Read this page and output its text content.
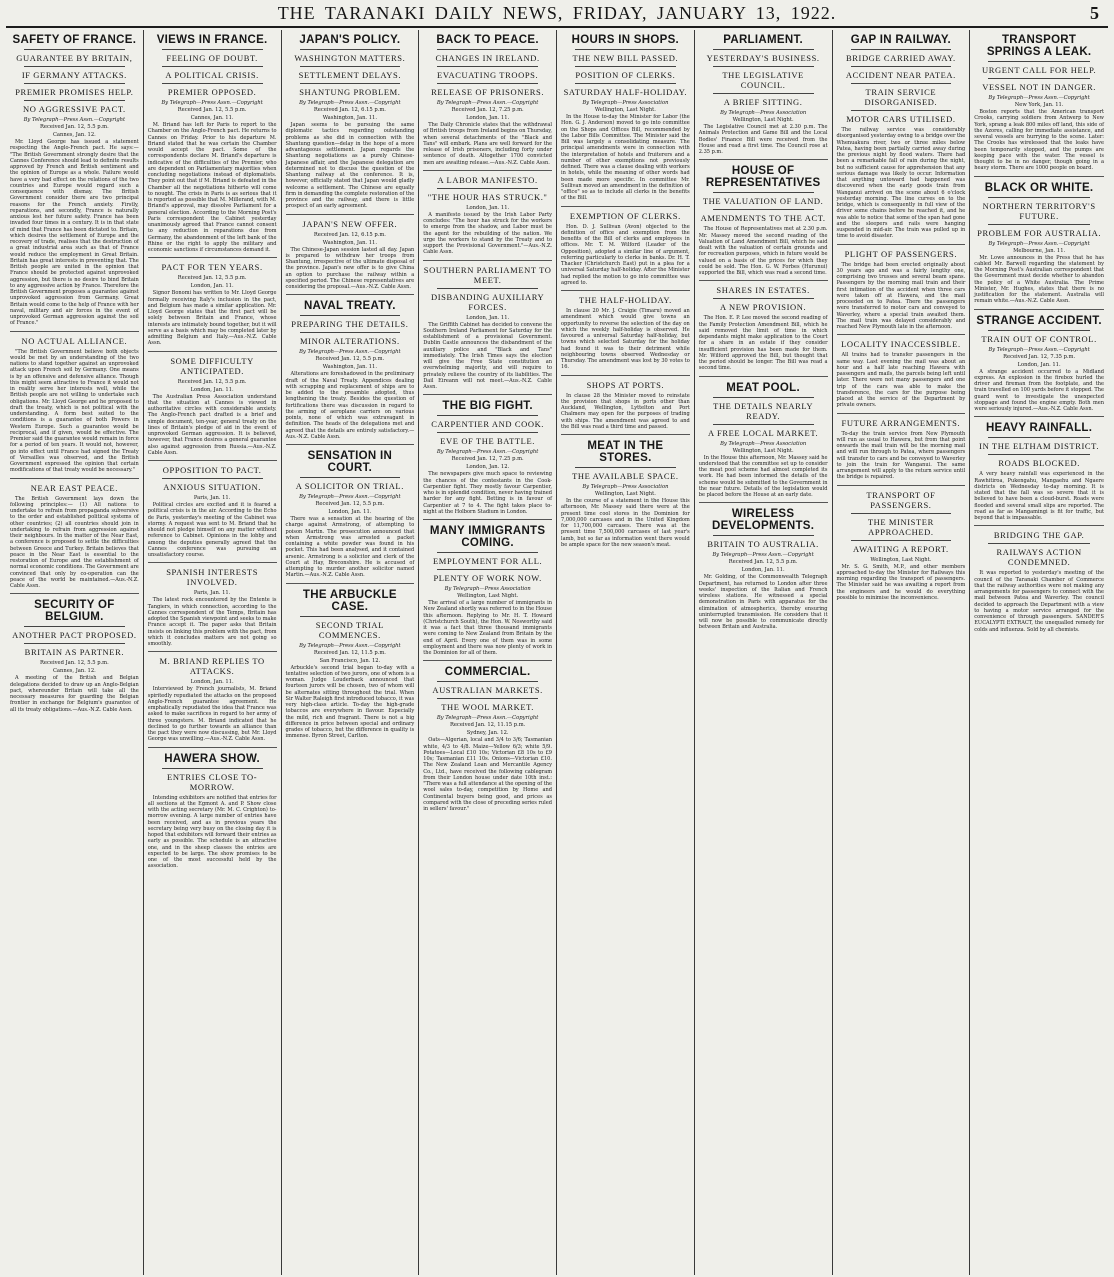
THE TARANAKI DAILY NEWS, FRIDAY, JANUARY 13, 1922.	5
SAFETY OF FRANCE.
GUARANTEE BY BRITAIN,
IF GERMANY ATTACKS.
PREMIER PROMISES HELP.
NO AGGRESSIVE PACT.
By Telegraph—Press Assn.—Copyright
Received Jan. 12, 5.5 p.m.
Cannes, Jan. 12.

Mr. Lloyd George has issued a statement respecting the Anglo-French pact. He says:— "The British Government strongly desire that the Cannes Conference should lead to definite results approved by French and British sentiment and the opinion of Europe as a whole. Failure would have a very bad effect on the relations of the two countries and Europe would regard such a consequence with dismay. The British Government consider there are two principal reasons for the French anxiety. Firstly, reparations, and secondly, France is naturally anxious lest her future safety. France has been invaded four times in a century. It is in that state of mind that France has been dictated to. Britain, which desires the settlement of Europe and the recovery of trade, realises that the destruction of a great industrial area such as that of France would reduce the employment in Great Britain. Britain has great interests in preventing that. The British people are united in the opinion that France should be protected against unprovoked aggression, but there is no desire to bind Britain to any aggressive action by France. Therefore the British Government proposes a guarantee against unprovoked aggression from Germany. Great Britain would come to the help of France with her naval, military and air forces in the event of unprovoked German aggression against the soil of France."

NO ACTUAL ALLIANCE.

"The British Government believe both objects would be met by an understanding of the two nations to stand together against an unprovoked attack upon French soil by Germany. One means is by an offensive and defensive alliance. Though this might seem attractive to France it would not in reality serve her interests well, while the British people are not willing to undertake such obligations. Mr. Lloyd George and he proposed to draft the treaty, which is not political with the understanding. A form best suited to the conditions is a guarantee of both Powers in Western Europe. Such a guarantee would be reciprocal, and if given, would be effective. The Premier said the guarantee would remain in force for a period of ten years. It would not, however, go into effect until France had signed the Treaty of Versailles was observed, and the British Government expressed the opinion that certain modifications of that treaty would be necessary."

NEAR EAST PEACE.

The British Government lays down the following principles:— (1) All nations to undertake to refrain from propaganda subversive to the order and established political systems of other countries; (2) all countries should join in undertaking to refrain from aggression against their neighbours. In the matter of the Near East, a conference is proposed to settle the difficulties between Greece and Turkey. Britain believes that peace in the Near East is essential to the restoration of Europe and the establishment of normal economic conditions. The Government are convinced that only by co-operation can the peace of the world be maintained.—Aus.-N.Z. Cable Assn.

SECURITY OF BELGIUM.
ANOTHER PACT PROPOSED.
BRITAIN AS PARTNER.
Received Jan. 12, 5.5 p.m.
Cannes, Jan. 12.

A meeting of the British and Belgian delegations decided to draw up an Anglo-Belgian pact, whereunder Britain will take all the necessary measures for guarding the Belgian frontier in exchange for Belgium's guarantee of all its treaty obligations.—Aus.-N.Z. Cable Assn.

VIEWS IN FRANCE.
FEELING OF DOUBT.
A POLITICAL CRISIS.
PREMIER OPPOSED.
By Telegraph—Press Assn.—Copyright
Received Jan. 12, 5.5 p.m.
Cannes, Jan. 11.

M. Briand has left for Paris to report to the Chamber on the Anglo-French pact. He returns to Cannes on Friday. Prior to his departure M. Briand stated that he was certain the Chamber would accept the pact. Some of the correspondents declare M. Briand's departure is indicative of the difficulties of the Premier, who are dependent on Parliamentary majorities when concluding negotiations instead of diplomatists. They point out that if M. Briand is defeated in the Chamber all the negotiations hitherto will come to nought. The crisis in Paris is as serious that it is reported as possible that M. Millerand, with M. Briand's approval, may dissolve Parliament for a general election. According to the Morning Post's Paris correspondent the Cabinet yesterday unanimously agreed that France cannot consent to any reduction in reparations due from Germany, the abandonment of the left bank of the Rhine or the right to apply the military and economic sanctions if circumstances demand it.

PACT FOR TEN YEARS.
Received Jan. 12, 5.5 p.m.
London, Jan. 11.

Signor Bonomi has written to Mr. Lloyd George formally receiving Italy's inclusion in the pact, and Belgium has made a similar application. Mr. Lloyd George states that the first pact will be solely between Britain and France, whose interests are intimately bound together, but it will serve as a basis which may be completed later by admitting Belgium and Italy.—Aus.-N.Z. Cable Assn.

SOME DIFFICULTY ANTICIPATED.
Received Jan. 12, 5.5 p.m.
London, Jan. 11.

The Australian Press Association understand that the situation at Cannes is viewed in authoritative circles with considerable anxiety. The Anglo-French pact drafted is a brief and simple document, ten-year, general treaty on the lines of Britain's pledge of aid in the event of unprovoked German aggression. It is believed, however, that France desires a general guarantee also against aggression from Russia.—Aus.-N.Z. Cable Assn.

OPPOSITION TO PACT.
ANXIOUS SITUATION.
Paris, Jan. 11.

Political circles are excited and it is feared a political crisis is in the air. According to the Echo de Paris, yesterday's meeting of the Cabinet was stormy. A request was sent to M. Briand that he should not pledge himself on any matter without reference to Cabinet. Opinions in the lobby and among the deputies generally agreed that the Cannes conference was pursuing an unsatisfactory course.

SPANISH INTERESTS INVOLVED.
Paris, Jan. 11.

The latest rock encountered by the Entente is Tangiers, in which connection, according to the Cannes correspondent of the Temps, Britain has adopted the Spanish viewpoint and seeks to make France accept it. The paper asks that Britain insists on linking this problem with the pact, from which it concludes matters are not going so smoothly.

M. BRIAND REPLIES TO ATTACKS.
London, Jan. 11.

Interviewed by French journalists, M. Briand spiritedly repudiated the attacks on the proposed Anglo-French guarantee agreement. He emphatically repudiated the idea that France was asked to make sacrifices in regard to her army of three youngsters. M. Briand indicated that he declined to go further towards an alliance than the pact they were now discussing, but Mr. Lloyd George was unwilling.—Aus.-N.Z. Cable Assn.

HAWERA SHOW.
ENTRIES CLOSE TO-MORROW.

Intending exhibitors are notified that entries for all sections at the Egmont A. and P. Show close with the acting secretary (Mr. M. C. Crighton) to-morrow evening. A large number of entries have been received, and as in previous years the secretary being very busy on the closing day it is hoped that exhibitors will forward their entries as early as possible. The schedule is an attractive one, and in the sheep classes the entries are expected to be large. The show promises to be one of the most successful held by the association.

JAPAN'S POLICY.
WASHINGTON MATTERS.
SETTLEMENT DELAYS.
SHANTUNG PROBLEM.
By Telegraph—Press Assn.—Copyright
Received Jan. 12, 6.15 p.m.
Washington, Jan. 11.

Japan seems to be pursuing the same diplomatic tactics regarding outstanding problems as she did in connection with the Shantung question—delay in the hope of a more advantageous settlement. Japan regards the Shantung negotiations as a purely Chinese-Japanese affair, and the Japanese delegation are determined not to discuss the question of the Shantung railway at the conference. It is, however, officially stated that Japan would gladly welcome a settlement. The Chinese are equally firm in demanding the complete restoration of the province and the railway, and there is little prospect of an early agreement.

JAPAN'S NEW OFFER.
Received Jan. 12, 6.15 p.m.
Washington, Jan. 11.

The Chinese-Japan session lasted all day. Japan is prepared to withdraw her troops from Shantung, irrespective of the ultimate disposal of the province. Japan's new offer is to give China an option to purchase the railway within a specified period. The Chinese representatives are considering the proposal.—Aus.-N.Z. Cable Assn.

NAVAL TREATY.
PREPARING THE DETAILS.
MINOR ALTERATIONS.
By Telegraph—Press Assn.—Copyright
Received Jan. 12, 5.5 p.m.
Washington, Jan. 11.

Alterations are foreshadowed in the preliminary draft of the Naval Treaty. Appendices dealing with scrapping and replacement of ships are to be added to the preamble adopted, thus lengthening the treaty. Besides the question of fortifications there was discussion in regard to the arming of aeroplane carriers on various points, none of which was extravagant in definition. The heads of the delegations met and agreed that the details are entirely satisfactory.—Aus.-N.Z. Cable Assn.

SENSATION IN COURT.
A SOLICITOR ON TRIAL.
By Telegraph—Press Assn.—Copyright
Received Jan. 12, 5.5 p.m.
London, Jan. 11.

There was a sensation at the hearing of the charge against Armstrong, of attempting to poison Martin. The prosecution announced that when Armstrong was arrested a packet containing a white powder was found in his pocket. This had been analysed, and it contained arsenic. Armstrong is a solicitor and clerk of the Court at Hay, Breconshire. He is accused of attempting to murder another solicitor named Martin.—Aus.-N.Z. Cable Assn.

THE ARBUCKLE CASE.
SECOND TRIAL COMMENCES.
By Telegraph—Press Assn.—Copyright
Received Jan. 12, 11.5 p.m.
San Francisco, Jan. 12.

Arbuckle's second trial began to-day with a tentative selection of two jurors, one of whom is a woman. Judge Louderback announced that fourteen jurors will be chosen, two of whom will be alternates sitting throughout the trial. When Sir Walter Raleigh first introduced tobacco, it was very high-class article. To-day the high-grade tobaccos are everywhere in flavour. Especially the mild, rich and fragrant. There is not a big difference in price between special and ordinary grades of tobacco, but the difference in quality is immense. Byron Street, Carlton.

BACK TO PEACE.
CHANGES IN IRELAND.
EVACUATING TROOPS.
RELEASE OF PRISONERS.
By Telegraph—Press Assn.—Copyright
Received Jan. 12, 7.25 p.m.
London, Jan. 11.

The Daily Chronicle states that the withdrawal of British troops from Ireland begins on Thursday, when several detachments of the "Black and Tans" will embark. Plans are well forward for the release of Irish prisoners, including forty under sentence of death. Altogether 1700 convicted men are awaiting release.—Aus.-N.Z. Cable Assn.

A LABOR MANIFESTO.
"THE HOUR HAS STRUCK."
London, Jan. 11.

A manifesto issued by the Irish Labor Party concludes: "The hour has struck for the workers to emerge from the shadow, and Labor must be the agent for the rebuilding of the nation. We urge the workers to stand by the Treaty and to support the Provisional Government."—Aus.-N.Z. Cable Assn.

SOUTHERN PARLIAMENT TO MEET.
DISBANDING AUXILIARY FORCES.
London, Jan. 11.

The Griffith Cabinet has decided to convene the Southern Ireland Parliament for Saturday for the establishment of a provisional Government. Dublin Castle announces the disbandment of the auxiliary police and "Black and Tans" immediately. The Irish Times says the election will give the Free State constitution an overwhelming majority, and will require to privately relieve the country of its liabilities. The Dail Eireann will not meet.—Aus.-N.Z. Cable Assn.

THE BIG FIGHT.
CARPENTIER AND COOK.
EVE OF THE BATTLE.
By Telegraph—Press Assn.—Copyright
Received Jan. 12, 7.25 p.m.
London, Jan. 12.

The newspapers give much space to reviewing the chances of the contestants in the Cook-Carpentier fight. They mostly favour Carpentier, who is in splendid condition, never having trained harder for any fight. Betting is in favour of Carpentier at 7 to 4. The fight takes place to-night at the Holborn Stadium in London.

MANY IMMIGRANTS COMING.
EMPLOYMENT FOR ALL.
PLENTY OF WORK NOW.
By Telegraph—Press Association
Wellington, Last Night.

The arrival of a large number of immigrants in New Zealand shortly was referred to in the House this afternoon. Replying to Mr. H. T. Howard (Christchurch South), the Hon. W. Nosworthy said it was a fact that three thousand immigrants were coming to New Zealand from Britain by the end of April. Every one of them was in some employment and there was now plenty of work in the Dominion for all of them.

COMMERCIAL.
AUSTRALIAN MARKETS.
THE WOOL MARKET.
By Telegraph—Press Assn.—Copyright
Received Jan. 12, 11.15 p.m.
Sydney, Jan. 12.

Oats—Algerian, local and 3/4 to 3/6; Tasmanian white, 4/3 to 4/8. Maize—Yellow 6/3; white 5/9. Potatoes—Local £10 10s; Victorian £8 10s to £9 10s; Tasmanian £11 10s. Onions—Victorian £10. The New Zealand Loan and Mercantile Agency Co., Ltd., have received the following cablegram from their London house under date 10th inst.: "There was a full attendance at the opening of the wool sales to-day, competition by Home and Continental buyers being good, and prices as compared with the close of preceding series ruled in sellers' favour."

HOURS IN SHOPS.
THE NEW BILL PASSED.
POSITION OF CLERKS.
SATURDAY HALF-HOLIDAY.
By Telegraph—Press Association
Wellington, Last Night.

In the House to-day the Minister for Labor (the Hon. G. J. Anderson) moved to go into committee on the Shops and Offices Bill, recommended by the Labor Bills Committee. The Minister said the Bill was largely a consolidating measure. The principal amendments were in connection with the interpretation of hotels and fruiterers and a number of other exemptions not previously defined. There was a clause dealing with workers in hotels, while the meaning of other words had been made more specific. In committee Mr. Sullivan moved an amendment in the definition of "office" so as to include all clerks in the benefits of the Bill.

EXEMPTION OF CLERKS.

Hon. D. J. Sullivan (Avon) objected to the definition of office and exemption from the benefits of the Bill of clerks and employees in offices. Mr. T. M. Wilford (Leader of the Opposition), adopted a similar line of argument, referring particularly to clerks in banks. Dr. H. T. Thacker (Christchurch East) put in a plea for a universal Saturday half-holiday. After the Minister had replied the motion to go into committee was agreed to.

THE HALF-HOLIDAY.

In clause 20 Mr. J. Craigie (Timaru) moved an amendment which would give towns an opportunity to reverse the selection of the day on which the weekly half-holiday is observed. He favoured a universal Saturday half-holiday, but towns which selected Saturday for the holiday had found it was to their detriment while neighbouring towns observed Wednesday or Thursday. The amendment was lost by 30 votes to 16.

SHOPS AT PORTS.

In clause 28 the Minister moved to reinstate the provision that shops in ports other than Auckland, Wellington, Lyttelton and Port Chalmers may open for the purposes of trading with ships. The amendment was agreed to and the Bill was read a third time and passed.

MEAT IN THE STORES.
THE AVAILABLE SPACE.
By Telegraph—Press Association
Wellington, Last Night.

In the course of a statement in the House this afternoon, Mr. Massey said there were at the present time cool stores in the Dominion for 7,000,000 carcases and in the United Kingdom for 11,700,000 carcases. There was at the present time 7,500,000 carcases of last year's lamb, but so far as information went there would be ample space for the new season's meat.

PARLIAMENT.
YESTERDAY'S BUSINESS.
THE LEGISLATIVE COUNCIL.
A BRIEF SITTING.
By Telegraph—Press Association
Wellington, Last Night.

The Legislative Council met at 2.30 p.m. The Animals Protection and Game Bill and the Local Bodies' Finance Bill were received from the House and read a first time. The Council rose at 2.35 p.m.

HOUSE OF REPRESENTATIVES
THE VALUATION OF LAND.
AMENDMENTS TO THE ACT.

The House of Representatives met at 2.30 p.m. Mr. Massey moved the second reading of the Valuation of Land Amendment Bill, which he said dealt with the valuation of certain grounds and for recreation purposes, which in future would be valued on a basis of the prices for which they could be sold. The Hon. G. W. Forbes (Hurunui) supported the Bill, which was read a second time.

SHARES IN ESTATES.
A NEW PROVISION.

The Hon. E. P. Lee moved the second reading of the Family Protection Amendment Bill, which he said removed the limit of time in which dependants might make application to the Court for a share in an estate if they consider insufficient provision has been made for them. Mr. Wilford approved the Bill, but thought that the period should be longer. The Bill was read a second time.

MEAT POOL.
THE DETAILS NEARLY READY.
A FREE LOCAL MARKET.
By Telegraph—Press Association
Wellington, Last Night.

In the House this afternoon, Mr. Massey said he understood that the committee set up to consider the meat pool scheme had almost completed its work. He had been informed the details of the scheme would be submitted to the Government in the near future. Details of the legislation would be placed before the House at an early date.

WIRELESS DEVELOPMENTS.
BRITAIN TO AUSTRALIA.
By Telegraph—Press Assn.—Copyright
Received Jan. 12, 5.5 p.m.
London, Jan. 11.

Mr. Golding, of the Commonwealth Telegraph Department, has returned to London after three weeks' inspection of the Italian and French wireless stations. He witnessed a special demonstration in Paris with apparatus for the elimination of atmospherics, thereby ensuring uninterrupted transmission. He considers that it will now be possible to communicate directly between Britain and Australia.

GAP IN RAILWAY.
BRIDGE CARRIED AWAY.
ACCIDENT NEAR PATEA.
TRAIN SERVICE DISORGANISED.
MOTOR CARS UTILISED.

The railway service was considerably disorganised yesterday owing to a bridge over the Whenuakura river, two or three miles below Patea, having been partially carried away during the previous night by flood waters. There had been a remarkable fall of rain during the night, but no sufficient cause for apprehension that any serious damage was likely to occur. Information that anything untoward had happened was discovered when the early goods train from Wanganui arrived on the scene about 6 o'clock yesterday morning. The line curves on to the bridge, which is consequently in full view of the driver some chains before he reached it, and he was able to notice that some of the span had gone and the sleepers and rails were hanging suspended in mid-air. The train was pulled up in time to avoid disaster.

PLIGHT OF PASSENGERS.

The bridge had been erected originally about 30 years ago and was a fairly lengthy one, comprising two trusses and several beam spans. Passengers by the morning mail train and their first intimation of the accident when three cars were taken off at Hawera, and the mail proceeded on to Patea. There the passengers were transferred to motor cars and conveyed to Waverley, where a special train awaited them. The mail train was delayed considerably and reached New Plymouth late in the afternoon.

LOCALITY INACCESSIBLE.

All trains had to transfer passengers in the same way. Last evening the mail was about an hour and a half late reaching Hawera with passengers and mails, the parcels being left until later. There were not many passengers and one trip of the cars was able to make the transference, the cars for the purpose being placed at the service of the Department by private owners.

FUTURE ARRANGEMENTS.

To-day the train service from New Plymouth will run as usual to Hawera, but from that point onwards the mail train will be the morning mail and will run through to Patea, where passengers will transfer to cars and be conveyed to Waverley to join the train for Wanganui. The same arrangement will apply to the return service until the bridge is repaired.

TRANSPORT OF PASSENGERS.
THE MINISTER APPROACHED.
AWAITING A REPORT.
Wellington, Last Night.

Mr. S. G. Smith, M.P., and other members approached to-day the Minister for Railways this morning regarding the transport of passengers. The Minister said he was awaiting a report from the engineers and he would do everything possible to minimise the inconvenience.

TRANSPORT SPRINGS A LEAK.
URGENT CALL FOR HELP.
VESSEL NOT IN DANGER.
By Telegraph—Press Assn.—Copyright
New York, Jan. 11.

Boston reports that the American transport Crooks, carrying soldiers from Antwerp to New York, sprang a leak 800 miles off land, this side of the Azores, calling for immediate assistance, and several vessels are hurrying to the scene. Later: The Crooks has wirelessed that the leaks have been temporarily stopped, and the pumps are keeping pace with the water. The vessel is thought to be in no danger, though going in a heavy storm. There are 1000 people on board.

BLACK OR WHITE.
NORTHERN TERRITORY'S FUTURE.
PROBLEM FOR AUSTRALIA.
By Telegraph—Press Assn.—Copyright
Melbourne, Jan. 11.

Mr. Lowe announces in the Press that he has cabled Mr. Barwell regarding the statement by the Morning Post's Australian correspondent that the Government must decide whether to abandon the policy of a White Australia. The Prime Minister, Mr. Hughes, states that there is no justification for the statement. Australia will remain white.—Aus.-N.Z. Cable Assn.

STRANGE ACCIDENT.
TRAIN OUT OF CONTROL.
By Telegraph—Press Assn.—Copyright
Received Jan. 12, 7.35 p.m.
London, Jan. 11.

A strange accident occurred to a Midland express. An explosion in the firebox hurled the driver and fireman from the footplate, and the train travelled on 100 yards before it stopped. The guard went to investigate the unexpected stoppage and found the engine empty. Both men were seriously injured.—Aus.-N.Z. Cable Assn.

HEAVY RAINFALL.
IN THE ELTHAM DISTRICT.
ROADS BLOCKED.

A very heavy rainfall was experienced in the Rawhitiroa, Pukengahu, Mangaehu and Ngaere districts on Wednesday to-day morning. It is stated that the fall was so severe that it is believed to have been a cloud-burst. Roads were flooded and several small slips are reported. The road as far as Mangamingi is fit for traffic, but beyond that is impassable.

BRIDGING THE GAP.
RAILWAYS ACTION CONDEMNED.

It was reported to yesterday's meeting of the council of the Taranaki Chamber of Commerce that the railway authorities were not making any arrangements for passengers to connect with the mail between Patea and Waverley. The council decided to approach the Department with a view to having a motor service arranged for the convenience of through passengers. SANDER'S EUCALYPTI EXTRACT, the unequalled remedy for colds and influenza. Sold by all chemists.
